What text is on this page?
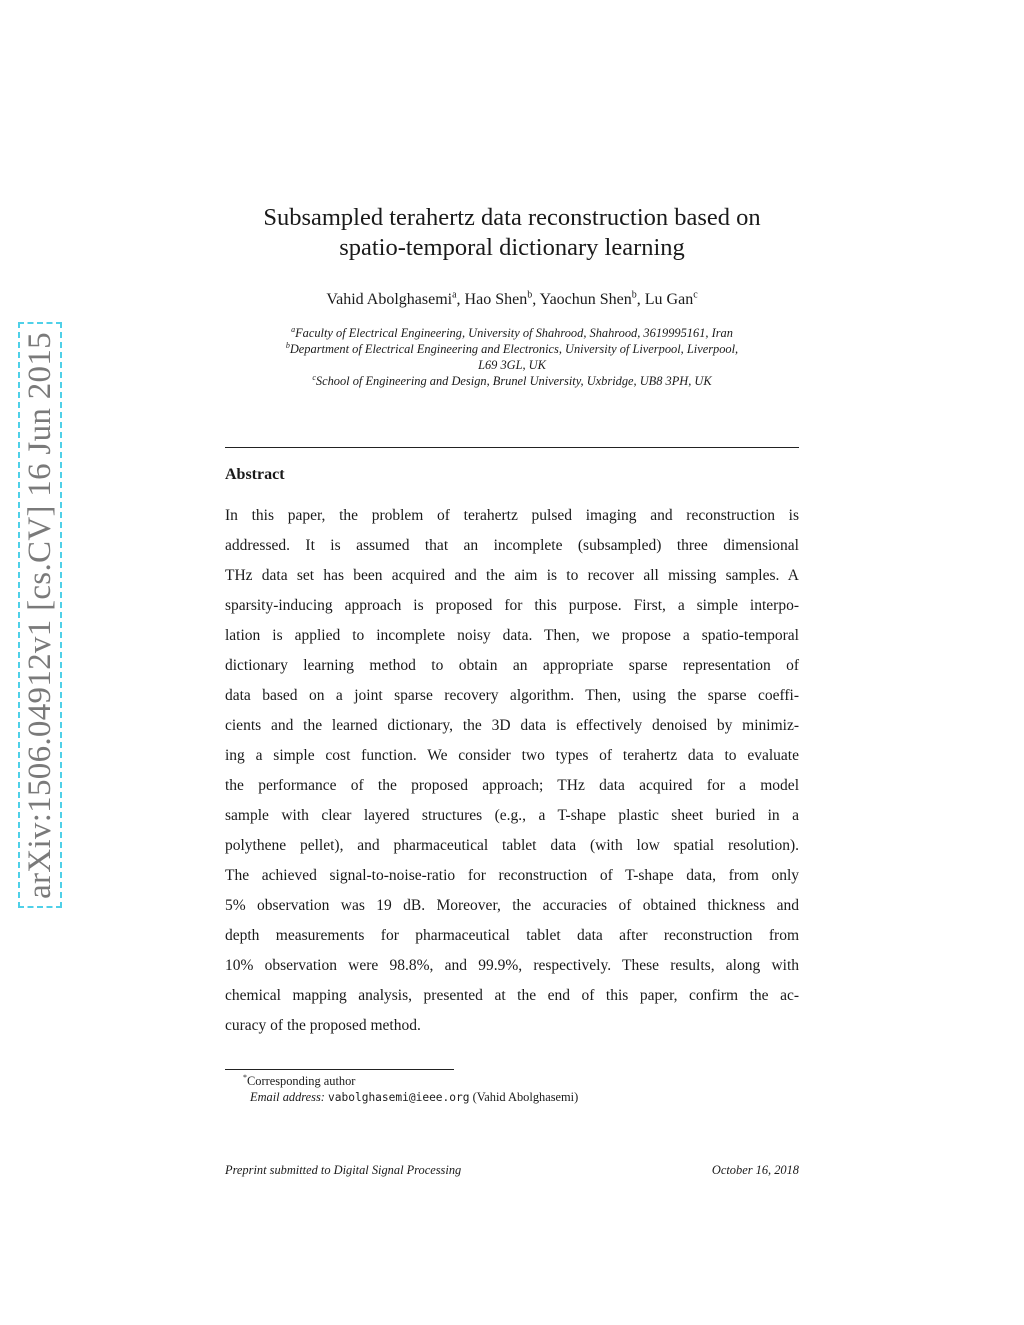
arXiv:1506.04912v1 [cs.CV] 16 Jun 2015
Subsampled terahertz data reconstruction based on
spatio-temporal dictionary learning
Vahid Abolghasemi$^a$, Hao Shen$^b$, Yaochun Shen$^b$, Lu Gan$^c$
$^a$Faculty of Electrical Engineering, University of Shahrood, Shahrood, 3619995161, Iran
$^b$Department of Electrical Engineering and Electronics, University of Liverpool, Liverpool,
L69 3GL, UK
$^c$School of Engineering and Design, Brunel University, Uxbridge, UB8 3PH, UK
Abstract
In this paper, the problem of terahertz pulsed imaging and reconstruction is
addressed. It is assumed that an incomplete (subsampled) three dimensional
THz data set has been acquired and the aim is to recover all missing samples. A
sparsity-inducing approach is proposed for this purpose. First, a simple interpo-
lation is applied to incomplete noisy data. Then, we propose a spatio-temporal
dictionary learning method to obtain an appropriate sparse representation of
data based on a joint sparse recovery algorithm. Then, using the sparse coeffi-
cients and the learned dictionary, the 3D data is effectively denoised by minimiz-
ing a simple cost function. We consider two types of terahertz data to evaluate
the performance of the proposed approach; THz data acquired for a model
sample with clear layered structures (e.g., a T-shape plastic sheet buried in a
polythene pellet), and pharmaceutical tablet data (with low spatial resolution).
The achieved signal-to-noise-ratio for reconstruction of T-shape data, from only
5% observation was 19 dB. Moreover, the accuracies of obtained thickness and
depth measurements for pharmaceutical tablet data after reconstruction from
10% observation were 98.8%, and 99.9%, respectively. These results, along with
chemical mapping analysis, presented at the end of this paper, confirm the ac-
curacy of the proposed method.
*Corresponding author
Email address: vabolghasemi@ieee.org (Vahid Abolghasemi)
Preprint submitted to Digital Signal Processing	October 16, 2018
